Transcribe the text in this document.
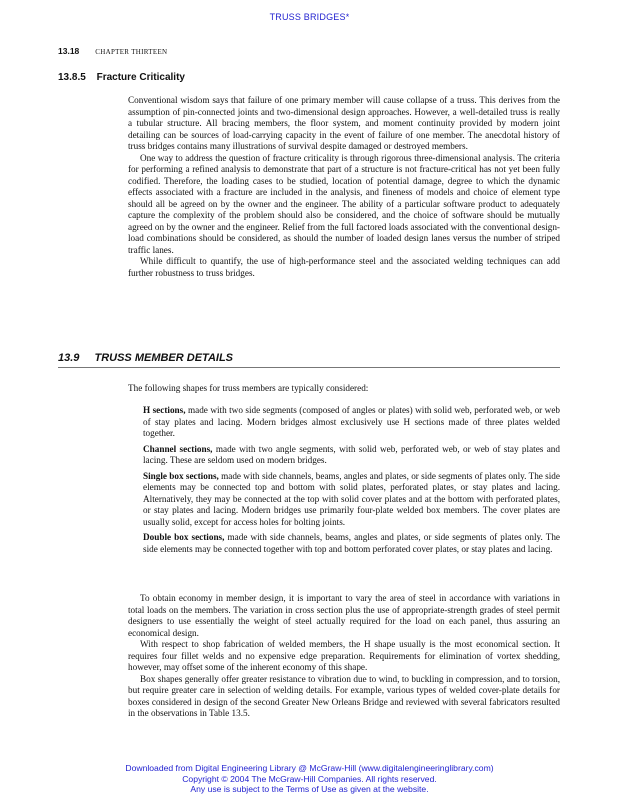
TRUSS BRIDGES*
13.18 CHAPTER THIRTEEN
13.8.5 Fracture Criticality

Conventional wisdom says that failure of one primary member will cause collapse of a truss. This derives from the assumption of pin-connected joints and two-dimensional design approaches. However, a well-detailed truss is really a tubular structure. All bracing members, the floor system, and moment continuity provided by modern joint detailing can be sources of load-carrying capacity in the event of failure of one member. The anecdotal history of truss bridges contains many illustrations of survival despite damaged or destroyed members.

One way to address the question of fracture criticality is through rigorous three-dimensional analysis. The criteria for performing a refined analysis to demonstrate that part of a structure is not fracture-critical has not yet been fully codified. Therefore, the loading cases to be studied, location of potential damage, degree to which the dynamic effects associated with a fracture are included in the analysis, and fineness of models and choice of element type should all be agreed on by the owner and the engineer. The ability of a particular software product to adequately capture the complexity of the problem should also be considered, and the choice of software should be mutually agreed on by the owner and the engineer. Relief from the full factored loads associated with the conventional design-load combinations should be considered, as should the number of loaded design lanes versus the number of striped traffic lanes.

While difficult to quantify, the use of high-performance steel and the associated welding techniques can add further robustness to truss bridges.

13.9 TRUSS MEMBER DETAILS

The following shapes for truss members are typically considered:

H sections, made with two side segments (composed of angles or plates) with solid web, perforated web, or web of stay plates and lacing. Modern bridges almost exclusively use H sections made of three plates welded together.

Channel sections, made with two angle segments, with solid web, perforated web, or web of stay plates and lacing. These are seldom used on modern bridges.

Single box sections, made with side channels, beams, angles and plates, or side segments of plates only. The side elements may be connected top and bottom with solid plates, perforated plates, or stay plates and lacing. Alternatively, they may be connected at the top with solid cover plates and at the bottom with perforated plates, or stay plates and lacing. Modern bridges use primarily four-plate welded box members. The cover plates are usually solid, except for access holes for bolting joints.

Double box sections, made with side channels, beams, angles and plates, or side segments of plates only. The side elements may be connected together with top and bottom perforated cover plates, or stay plates and lacing.

To obtain economy in member design, it is important to vary the area of steel in accordance with variations in total loads on the members. The variation in cross section plus the use of appropriate-strength grades of steel permit designers to use essentially the weight of steel actually required for the load on each panel, thus assuring an economical design.

With respect to shop fabrication of welded members, the H shape usually is the most economical section. It requires four fillet welds and no expensive edge preparation. Requirements for elimination of vortex shedding, however, may offset some of the inherent economy of this shape.

Box shapes generally offer greater resistance to vibration due to wind, to buckling in compression, and to torsion, but require greater care in selection of welding details. For example, various types of welded cover-plate details for boxes considered in design of the second Greater New Orleans Bridge and reviewed with several fabricators resulted in the observations in Table 13.5.

Downloaded from Digital Engineering Library @ McGraw-Hill (www.digitalengineeringlibrary.com)
Copyright © 2004 The McGraw-Hill Companies. All rights reserved.
Any use is subject to the Terms of Use as given at the website.
